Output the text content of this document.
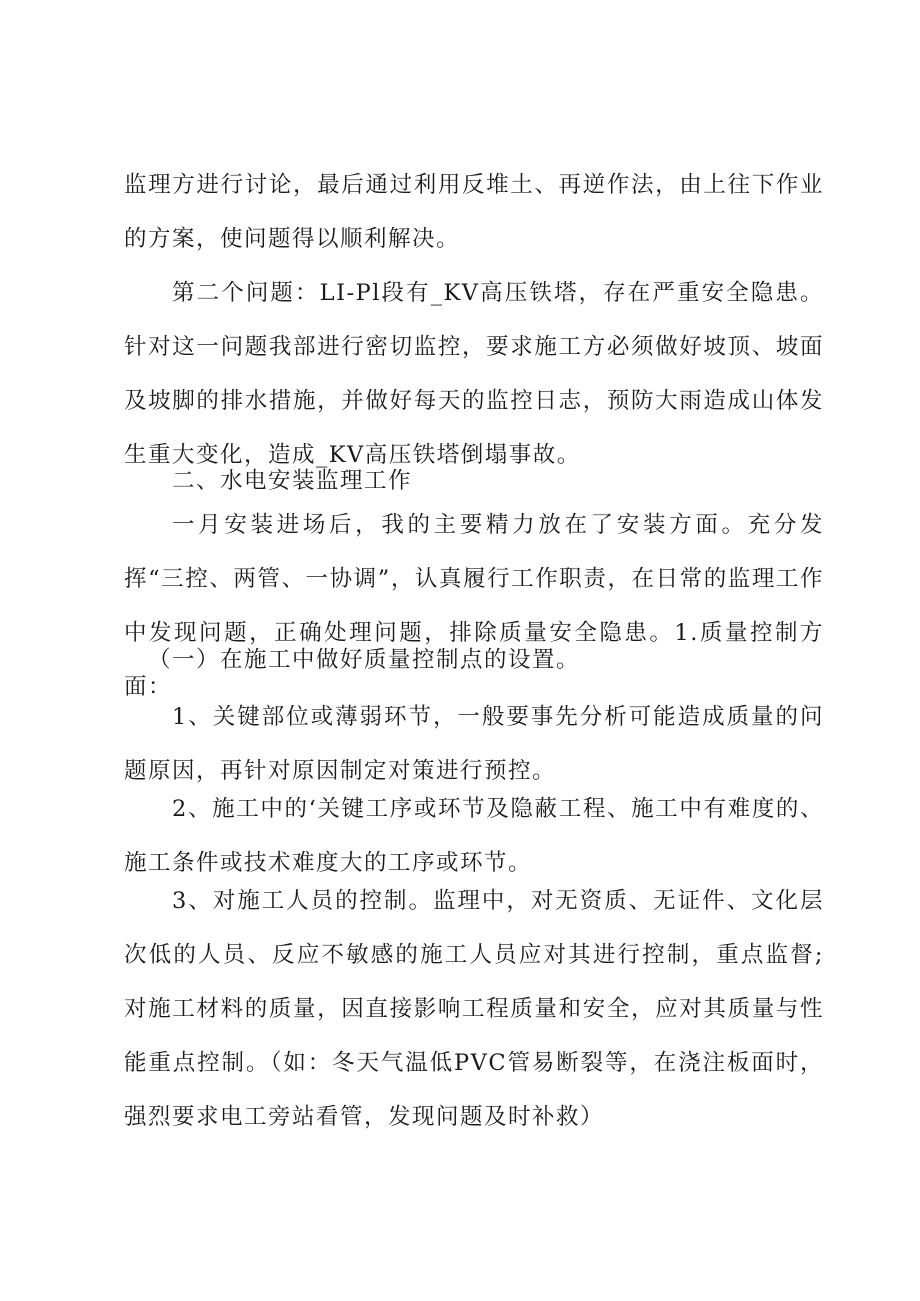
监理方进行讨论，最后通过利用反堆土、再逆作法，由上往下作业的方案，使问题得以顺利解决。

第二个问题：LI-Pl段有_KV高压铁塔，存在严重安全隐患。针对这一问题我部进行密切监控，要求施工方必须做好坡顶、坡面及坡脚的排水措施，并做好每天的监控日志，预防大雨造成山体发生重大变化，造成_KV高压铁塔倒塌事故。

二、水电安装监理工作

一月安装进场后，我的主要精力放在了安装方面。充分发挥“三控、两管、一协调”，认真履行工作职责，在日常的监理工作中发现问题，正确处理问题，排除质量安全隐患。1.质量控制方面：

（一）在施工中做好质量控制点的设置。

1、关键部位或薄弱环节，一般要事先分析可能造成质量的问题原因，再针对原因制定对策进行预控。

2、施工中的‘关键工序或环节及隐蔽工程、施工中有难度的、施工条件或技术难度大的工序或环节。

3、对施工人员的控制。监理中，对无资质、无证件、文化层次低的人员、反应不敏感的施工人员应对其进行控制，重点监督;对施工材料的质量，因直接影响工程质量和安全，应对其质量与性能重点控制。（如：冬天气温低PVC管易断裂等，在浇注板面时，强烈要求电工旁站看管，发现问题及时补救）
